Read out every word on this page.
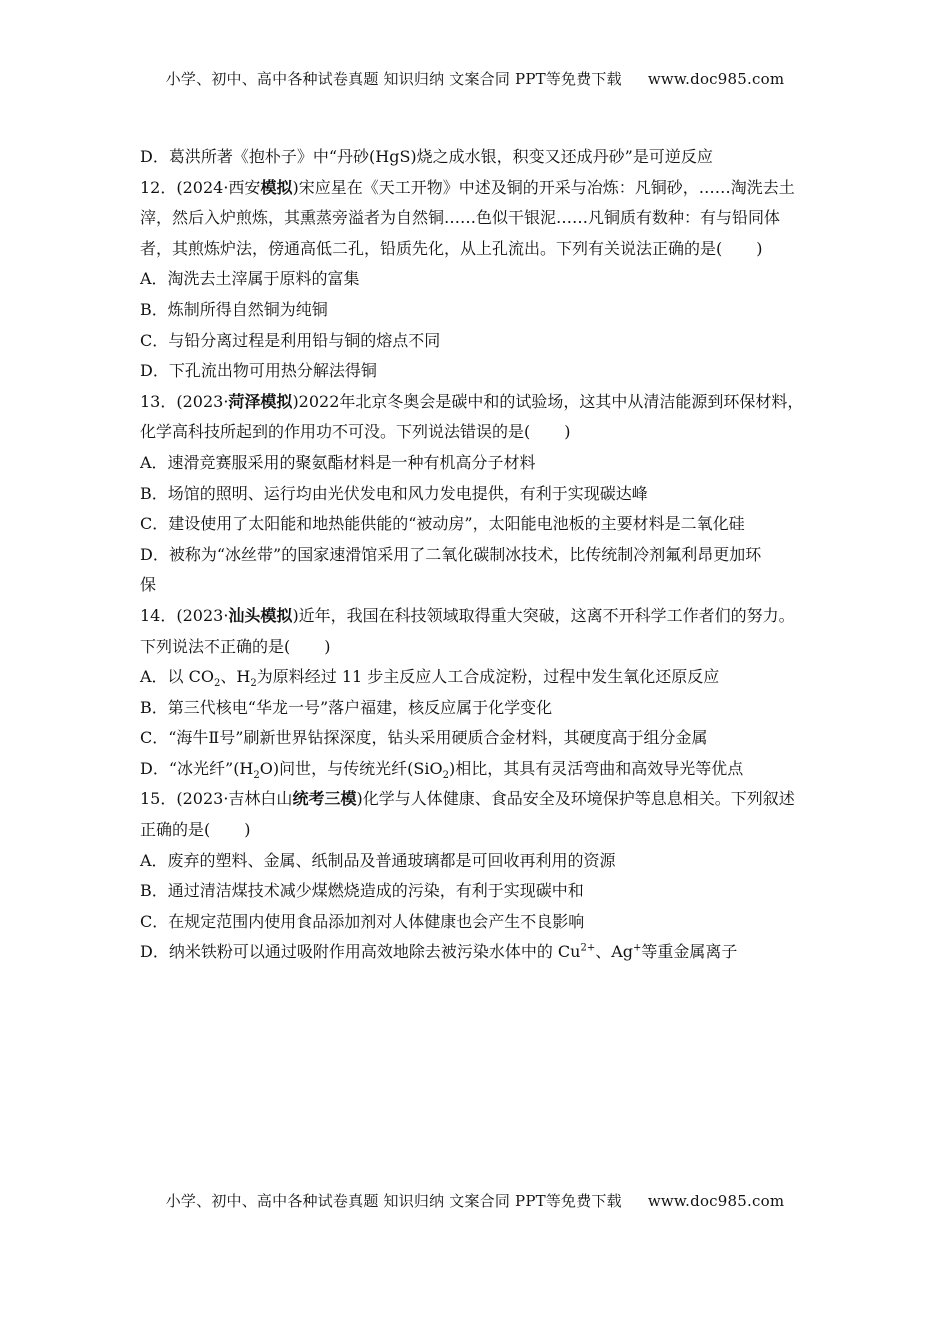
小学、初中、高中各种试卷真题 知识归纳 文案合同 PPT等免费下载 www.doc985.com
D．葛洪所著《抱朴子》中“丹砂(HgS)烧之成水银，积变又还成丹砂”是可逆反应
12．(2024·西安模拟)宋应星在《天工开物》中述及铜的开采与冶炼：凡铜砂，……淘洗去土
滓，然后入炉煎炼，其熏蒸旁溢者为自然铜……色似干银泥……凡铜质有数种：有与铅同体
者，其煎炼炉法，傍通高低二孔，铅质先化，从上孔流出。下列有关说法正确的是( )
A．淘洗去土滓属于原料的富集
B．炼制所得自然铜为纯铜
C．与铅分离过程是利用铅与铜的熔点不同
D．下孔流出物可用热分解法得铜
13．(2023·菏泽模拟)2022年北京冬奥会是碳中和的试验场，这其中从清洁能源到环保材料，
化学高科技所起到的作用功不可没。下列说法错误的是( )
A．速滑竞赛服采用的聚氨酯材料是一种有机高分子材料
B．场馆的照明、运行均由光伏发电和风力发电提供，有利于实现碳达峰
C．建设使用了太阳能和地热能供能的“被动房”，太阳能电池板的主要材料是二氧化硅
D．被称为“冰丝带”的国家速滑馆采用了二氧化碳制冰技术，比传统制冷剂氟利昂更加环
保
14．(2023·汕头模拟)近年，我国在科技领域取得重大突破，这离不开科学工作者们的努力。
下列说法不正确的是( )
A．以 $CO_2$、$H_2$为原料经过 11 步主反应人工合成淀粉，过程中发生氧化还原反应
B．第三代核电“华龙一号”落户福建，核反应属于化学变化
C．“海牛Ⅱ号”刷新世界钻探深度，钻头采用硬质合金材料，其硬度高于组分金属
D．“冰光纤$”(H_2O)$问世，与传统光纤(SiO$_2$)相比，其具有灵活弯曲和高效导光等优点
15．(2023·吉林白山统考三模)化学与人体健康、食品安全及环境保护等息息相关。下列叙述
正确的是( )
A．废弃的塑料、金属、纸制品及普通玻璃都是可回收再利用的资源
B．通过清洁煤技术减少煤燃烧造成的污染，有利于实现碳中和
C．在规定范围内使用食品添加剂对人体健康也会产生不良影响
D．纳米铁粉可以通过吸附作用高效地除去被污染水体中的 $Cu^{2+}$、Ag+等重金属离子
小学、初中、高中各种试卷真题 知识归纳 文案合同 PPT等免费下载 www.doc985.com
